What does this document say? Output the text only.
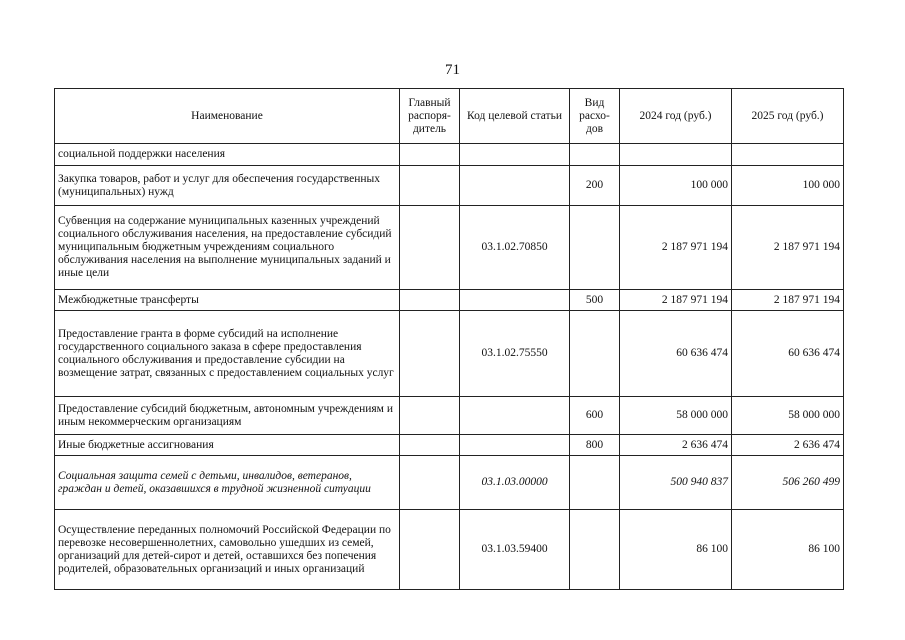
71
Наименование	Главный распоря-дитель	Код целевой статьи	Вид расхо-дов	2024 год (руб.)	2025 год (руб.)
социальной поддержки населения					
Закупка товаров, работ и услуг для обеспечения государственных (муниципальных) нужд			200	100 000	100 000
Субвенция на содержание муниципальных казенных учреждений социального обслуживания населения, на предоставление субсидий муниципальным бюджетным учреждениям социального обслуживания населения на выполнение муниципальных заданий и иные цели		03.1.02.70850		2 187 971 194	2 187 971 194
Межбюджетные трансферты			500	2 187 971 194	2 187 971 194
Предоставление гранта в форме субсидий на исполнение государственного социального заказа в сфере предоставления социального обслуживания и предоставление субсидии на возмещение затрат, связанных с предоставлением социальных услуг		03.1.02.75550		60 636 474	60 636 474
Предоставление субсидий бюджетным, автономным учреждениям и иным некоммерческим организациям			600	58 000 000	58 000 000
Иные бюджетные ассигнования			800	2 636 474	2 636 474
Социальная защита семей с детьми, инвалидов, ветеранов, граждан и детей, оказавшихся в трудной жизненной ситуации		03.1.03.00000		500 940 837	506 260 499
Осуществление переданных полномочий Российской Федерации по перевозке несовершеннолетних, самовольно ушедших из семей, организаций для детей-сирот и детей, оставшихся без попечения родителей, образовательных организаций и иных организаций		03.1.03.59400		86 100	86 100
